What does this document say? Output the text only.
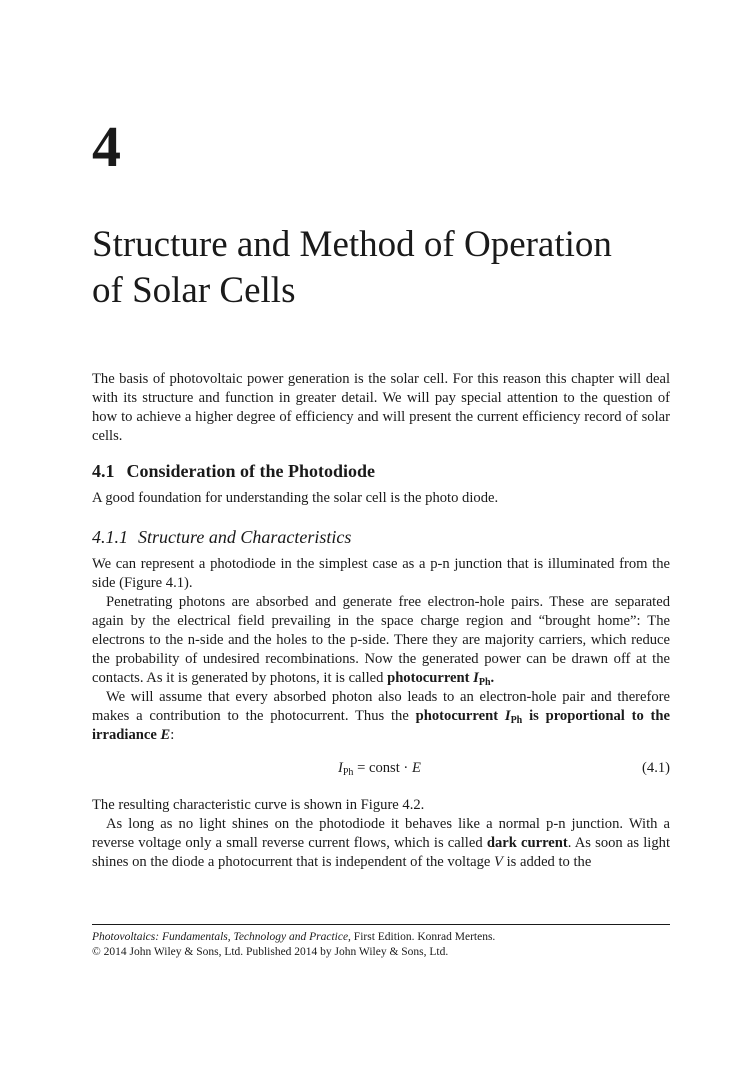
4
Structure and Method of Operation
of Solar Cells

The basis of photovoltaic power generation is the solar cell. For this reason this chapter will deal with its structure and function in greater detail. We will pay special attention to the question of how to achieve a higher degree of efficiency and will present the current efficiency record of solar cells.

4.1 Consideration of the Photodiode

A good foundation for understanding the solar cell is the photo diode.

4.1.1 Structure and Characteristics

We can represent a photodiode in the simplest case as a p-n junction that is illuminated from the side (Figure 4.1).

Penetrating photons are absorbed and generate free electron-hole pairs. These are separated again by the electrical field prevailing in the space charge region and “brought home”: The electrons to the n-side and the holes to the p-side. There they are majority carriers, which reduce the probability of undesired recombinations. Now the generated power can be drawn off at the contacts. As it is generated by photons, it is called photocurrent $I_{Ph}$.

We will assume that every absorbed photon also leads to an electron-hole pair and therefore makes a contribution to the photocurrent. Thus the photocurrent $I_{Ph}$ is proportional to the irradiance E:

$I_{Ph}$ = const · E	(4.1)

The resulting characteristic curve is shown in Figure 4.2.

As long as no light shines on the photodiode it behaves like a normal p-n junction. With a reverse voltage only a small reverse current flows, which is called dark current. As soon as light shines on the diode a photocurrent that is independent of the voltage V is added to the

Photovoltaics: Fundamentals, Technology and Practice, First Edition. Konrad Mertens.

© 2014 John Wiley & Sons, Ltd. Published 2014 by John Wiley & Sons, Ltd.
